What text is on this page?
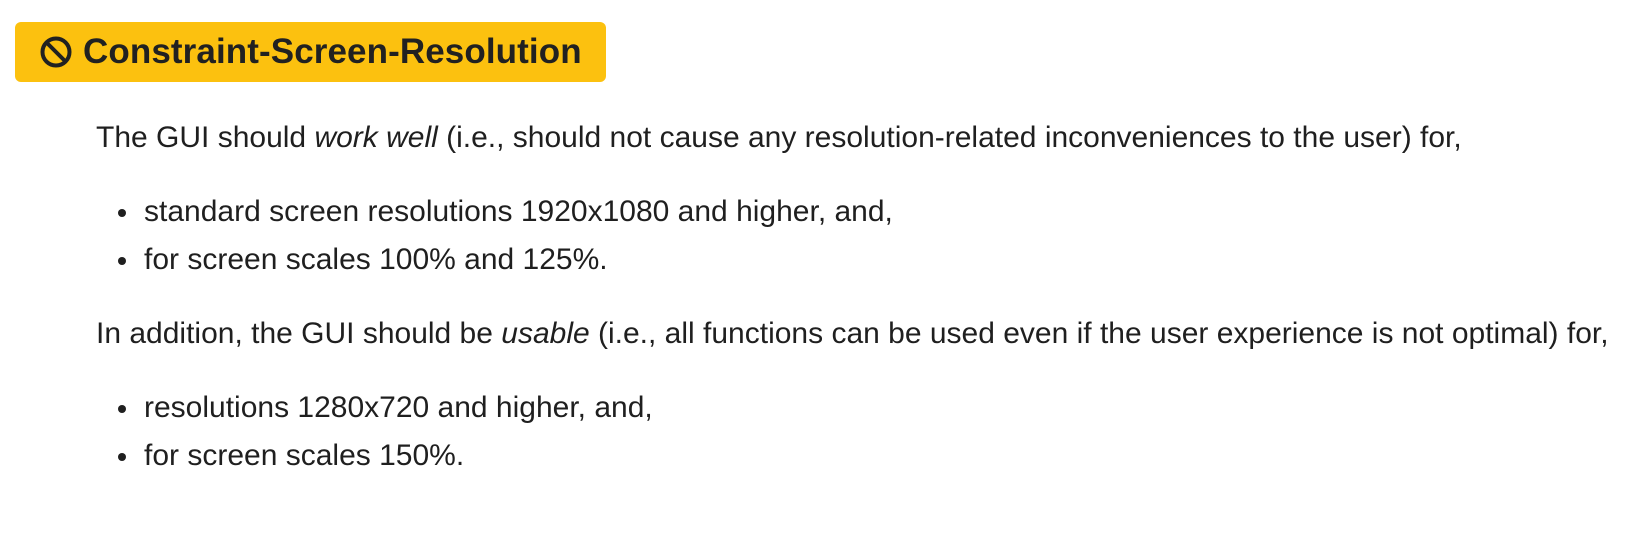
Constraint-Screen-Resolution

The GUI should work well (i.e., should not cause any resolution-related inconveniences to the user) for,

standard screen resolutions 1920x1080 and higher, and,
for screen scales 100% and 125%.

In addition, the GUI should be usable (i.e., all functions can be used even if the user experience is not optimal) for,

resolutions 1280x720 and higher, and,
for screen scales 150%.
